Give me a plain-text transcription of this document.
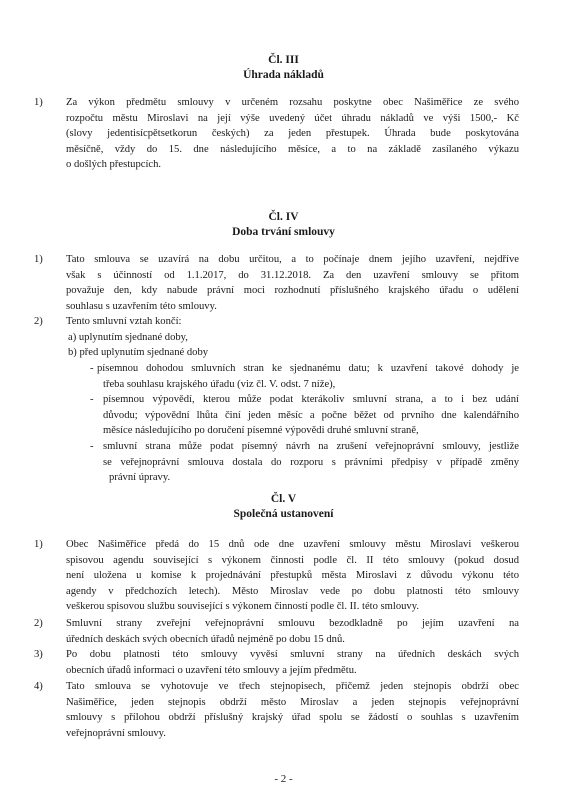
Čl. III
Úhrada nákladů
1) Za výkon předmětu smlouvy v určeném rozsahu poskytne obec Našiměřice ze svého
rozpočtu městu Miroslavi na její výše uvedený účet úhradu nákladů ve výši 1500,- Kč
(slovy jedentisícpětsetkorun českých) za jeden přestupek. Úhrada bude poskytována
měsíčně, vždy do 15. dne následujícího měsíce, a to na základě zasílaného výkazu
o došlých přestupcích.
Čl. IV
Doba trvání smlouvy
1) Tato smlouva se uzavírá na dobu určitou, a to počínaje dnem jejího uzavření, nejdříve
však s účinností od 1.1.2017, do 31.12.2018. Za den uzavření smlouvy se přitom
považuje den, kdy nabude právní moci rozhodnutí příslušného krajského úřadu o udělení
souhlasu s uzavřením této smlouvy.
2) Tento smluvní vztah končí:
a) uplynutím sjednané doby,
b) před uplynutím sjednané doby
- písemnou dohodou smluvních stran ke sjednanému datu; k uzavření takové dohody je
třeba souhlasu krajského úřadu (viz čl. V. odst. 7 níže),
- písemnou výpovědí, kterou může podat kterákoliv smluvní strana, a to i bez udání
důvodu; výpovědní lhůta činí jeden měsíc a počne běžet od prvního dne kalendářního
měsíce následujícího po doručení písemné výpovědi druhé smluvní straně,
- smluvní strana může podat písemný návrh na zrušení veřejnoprávní smlouvy, jestliže
se veřejnoprávní smlouva dostala do rozporu s právními předpisy v případě změny
právní úpravy.
Čl. V
Společná ustanovení
1) Obec Našiměřice předá do 15 dnů ode dne uzavření smlouvy městu Miroslavi veškerou
spisovou agendu související s výkonem činnosti podle čl. II této smlouvy (pokud dosud
není uložena u komise k projednávání přestupků města Miroslavi z důvodu výkonu této
agendy v předchozích letech). Město Miroslav vede po dobu platnosti této smlouvy
veškerou spisovou službu související s výkonem činností podle čl. II. této smlouvy.
2) Smluvní strany zveřejní veřejnoprávní smlouvu bezodkladně po jejím uzavření na
úředních deskách svých obecních úřadů nejméně po dobu 15 dnů.
3) Po dobu platnosti této smlouvy vyvěsí smluvní strany na úředních deskách svých
obecních úřadů informaci o uzavření této smlouvy a jejím předmětu.
4) Tato smlouva se vyhotovuje ve třech stejnopisech, přičemž jeden stejnopis obdrží obec
Našiměřice, jeden stejnopis obdrží město Miroslav a jeden stejnopis veřejnoprávní
smlouvy s přílohou obdrží příslušný krajský úřad spolu se žádostí o souhlas s uzavřením
veřejnoprávní smlouvy.
- 2 -
